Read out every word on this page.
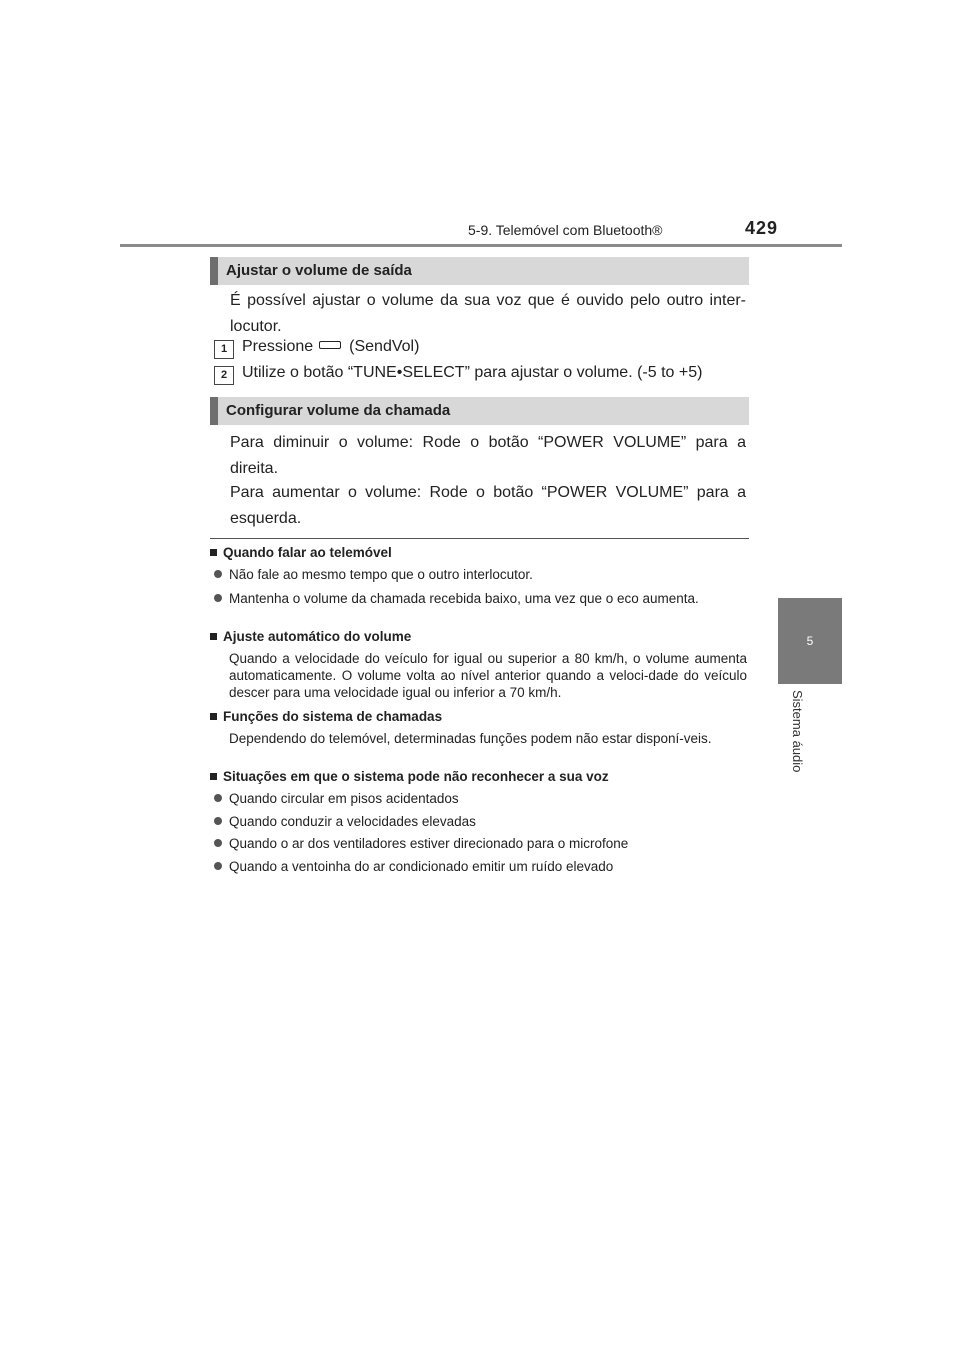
5-9. Telemóvel com Bluetooth®	429
5
Sistema áudio
Ajustar o volume de saída

É possível ajustar o volume da sua voz que é ouvido pelo outro inter-locutor.

1 Pressione (SendVol)
2 Utilize o botão “TUNE•SELECT” para ajustar o volume. (-5 to +5)
Configurar volume da chamada

Para diminuir o volume: Rode o botão “POWER VOLUME” para a direita.

Para aumentar o volume: Rode o botão “POWER VOLUME” para a esquerda.

Quando falar ao telemóvel
Não fale ao mesmo tempo que o outro interlocutor.
Mantenha o volume da chamada recebida baixo, uma vez que o eco aumenta.
Ajuste automático do volume

Quando a velocidade do veículo for igual ou superior a 80 km/h, o volume aumenta automaticamente. O volume volta ao nível anterior quando a veloci-dade do veículo descer para uma velocidade igual ou inferior a 70 km/h.

Funções do sistema de chamadas

Dependendo do telemóvel, determinadas funções podem não estar disponí-veis.

Situações em que o sistema pode não reconhecer a sua voz
Quando circular em pisos acidentados
Quando conduzir a velocidades elevadas
Quando o ar dos ventiladores estiver direcionado para o microfone
Quando a ventoinha do ar condicionado emitir um ruído elevado
